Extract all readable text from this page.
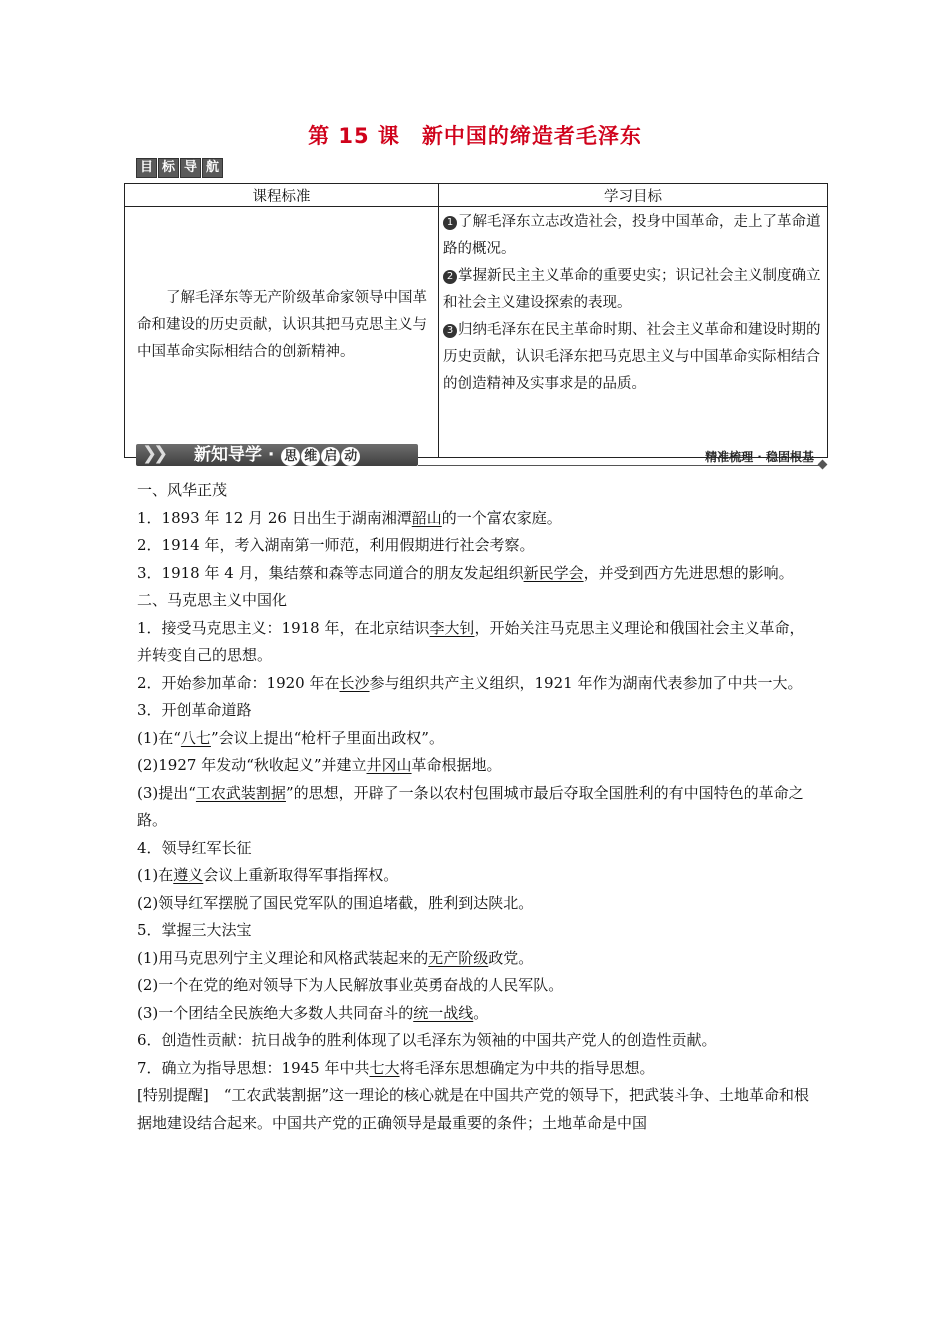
第 15 课　新中国的缔造者毛泽东
目 标 导 航
课程标准	学习目标

了解毛泽东等无产阶级革命家领导中国革命和建设的历史贡献，认识其把马克思主义与中国革命实际相结合的创新精神。	1 了解毛泽东立志改造社会，投身中国革命，走上了革命道路的概况。

2 掌握新民主主义革命的重要史实；识记社会主义制度确立和社会主义建设探索的表现。

3 归纳毛泽东在民主革命时期、社会主义革命和建设时期的历史贡献，认识毛泽东把马克思主义与中国革命实际相结合的创造精神及实事求是的品质。

❯❯ 新知导学 · 思 维 启 动	精准梳理 · 稳固根基

一、风华正茂

1．1893 年 12 月 26 日出生于湖南湘潭韶山的一个富农家庭。

2．1914 年，考入湖南第一师范，利用假期进行社会考察。

3．1918 年 4 月，集结蔡和森等志同道合的朋友发起组织新民学会，并受到西方先进思想的影响。

二、马克思主义中国化

1．接受马克思主义：1918 年，在北京结识李大钊，开始关注马克思主义理论和俄国社会主义革命，并转变自己的思想。

2．开始参加革命：1920 年在长沙参与组织共产主义组织，1921 年作为湖南代表参加了中共一大。

3．开创革命道路

(1)在“八七”会议上提出“枪杆子里面出政权”。

(2)1927 年发动“秋收起义”并建立井冈山革命根据地。

(3)提出“工农武装割据”的思想，开辟了一条以农村包围城市最后夺取全国胜利的有中国特色的革命之路。

4．领导红军长征

(1)在遵义会议上重新取得军事指挥权。

(2)领导红军摆脱了国民党军队的围追堵截，胜利到达陕北。

5．掌握三大法宝

(1)用马克思列宁主义理论和风格武装起来的无产阶级政党。

(2)一个在党的绝对领导下为人民解放事业英勇奋战的人民军队。

(3)一个团结全民族绝大多数人共同奋斗的统一战线。

6．创造性贡献：抗日战争的胜利体现了以毛泽东为领袖的中国共产党人的创造性贡献。

7．确立为指导思想：1945 年中共七大将毛泽东思想确定为中共的指导思想。

[特别提醒]　“工农武装割据”这一理论的核心就是在中国共产党的领导下，把武装斗争、土地革命和根据地建设结合起来。中国共产党的正确领导是最重要的条件；土地革命是中国
